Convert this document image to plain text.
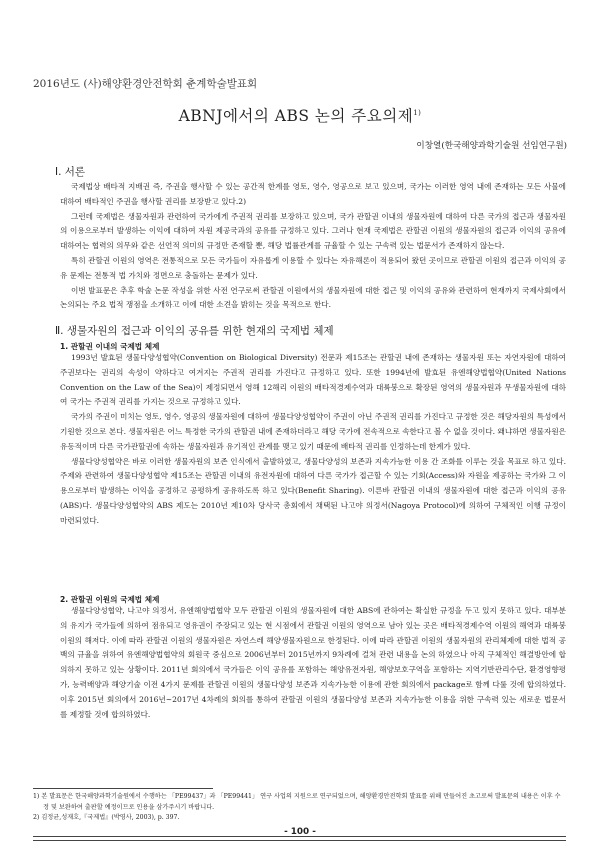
2016년도 (사)해양환경안전학회 춘계학술발표회
ABNJ에서의 ABS 논의 주요의제$^{1)}$
이창열(한국해양과학기술원 선임연구원)
Ⅰ. 서론

국제법상 배타적 지배권 즉, 주권을 행사할 수 있는 공간적 한계를 영토, 영수, 영공으로 보고 있으며, 국가는 이러한 영역 내에 존재하는 모든 사물에 대하여 배타적인 주권을 행사할 권리를 보장받고 있다.2)

그런데 국제법은 생물자원과 관련하여 국가에게 주권적 권리를 보장하고 있으며, 국가 관할권 이내의 생물자원에 대하여 다른 국가의 접근과 생물자원의 이용으로부터 발생하는 이익에 대하여 자원 제공국과의 공유를 규정하고 있다. 그러나 현재 국제법은 관할권 이원의 생물자원의 접근과 이익의 공유에 대하여는 협력의 의무와 같은 선언적 의미의 규정만 존재할 뿐, 해당 법률관계를 규율할 수 있는 구속력 있는 법문서가 존재하지 않는다.

특히 관할권 이원의 영역은 전통적으로 모든 국가들이 자유롭게 이용할 수 있다는 자유해론이 적용되어 왔던 곳이므로 관할권 이원의 접근과 이익의 공유 문제는 전통적 법 가치와 정면으로 충돌하는 문제가 있다.

이번 발표문은 추후 학술 논문 작성을 위한 사전 연구로써 관할권 이원에서의 생물자원에 대한 접근 및 이익의 공유와 관련하여 현재까지 국제사회에서 논의되는 주요 법적 쟁점을 소개하고 이에 대한 소견을 밝히는 것을 목적으로 한다.

Ⅱ. 생물자원의 접근과 이익의 공유를 위한 현재의 국제법 체제
1. 관할권 이내의 국제법 체제

1993년 발효된 생물다양성협약(Convention on Biological Diversity) 전문과 제15조는 관할권 내에 존재하는 생물자원 또는 자연자원에 대하여 주권보다는 권리의 속성이 약하다고 여겨지는 주권적 권리를 가진다고 규정하고 있다. 또한 1994년에 발효된 유엔해양법협약(United Nations Convention on the Law of the Sea)이 제정되면서 영해 12해리 이원의 배타적경제수역과 대륙붕으로 확장된 영역의 생물자원과 무생물자원에 대하여 국가는 주권적 권리를 가지는 것으로 규정하고 있다.

국가의 주권이 미치는 영토, 영수, 영공의 생물자원에 대하여 생물다양성협약이 주권이 아닌 주권적 권리를 가진다고 규정한 것은 해당자원의 특성에서 기원한 것으로 본다. 생물자원은 어느 특정한 국가의 관할권 내에 존재하더라고 해당 국가에 전속적으로 속한다고 볼 수 없을 것이다. 왜냐하면 생물자원은 유동적이며 다른 국가관할권에 속하는 생물자원과 유기적인 관계를 맺고 있기 때문에 배타적 권리를 인정하는데 한계가 있다.

생물다양성협약은 바로 이러한 생물자원의 보존 인식에서 출발하였고, 생물다양성의 보존과 지속가능한 이용 간 조화를 이루는 것을 목표로 하고 있다. 주제와 관련하여 생물다양성협약 제15조는 관할권 이내의 유전자원에 대하여 다른 국가가 접근할 수 있는 기회(Access)와 자원을 제공하는 국가와 그 이용으로부터 발생하는 이익을 공정하고 공평하게 공유하도록 하고 있다(Benefit Sharing). 이른바 관할권 이내의 생물자원에 대한 접근과 이익의 공유(ABS)다. 생물다양성협약의 ABS 제도는 2010년 제10차 당사국 총회에서 채택된 나고야 의정서(Nagoya Protocol)에 의하여 구체적인 이행 규정이 마련되었다.

2. 관할권 이원의 국제법 체제

생물다양성협약, 나고야 의정서, 유엔해양법협약 모두 관할권 이원의 생물자원에 대한 ABS에 관하여는 확실한 규정을 두고 있지 못하고 있다. 대부분의 유지가 국가들에 의하여 점유되고 영유권이 주장되고 있는 현 시점에서 관할권 이원의 영역으로 남아 있는 곳은 배타적경제수역 이원의 해역과 대륙붕 이원의 해저다. 이에 따라 관할권 이원의 생물자원은 자연스레 해양생물자원으로 한정된다. 이에 따라 관할권 이원의 생물자원의 관리체제에 대한 법적 공백의 규율을 위하여 유엔해양법협약의 회원국 중심으로 2006년부터 2015년까지 9차례에 걸쳐 관련 내용을 논의 하였으나 아직 구체적인 해결방안에 합의하지 못하고 있는 상황이다. 2011년 회의에서 국가들은 이익 공유를 포함하는 해양유전자원, 해양보호구역을 포함하는 지역기반관리수단, 환경영향평가, 능력배양과 해양기술 이전 4가지 문제를 관할권 이원의 생물다양성 보존과 지속가능한 이용에 관한 회의에서 package로 함께 다룰 것에 합의하였다. 이후 2015년 회의에서 2016년~2017년 4차례의 회의를 통하여 관할권 이원의 생물다양성 보존과 지속가능한 이용을 위한 구속력 있는 새로운 법문서를 제정할 것에 합의하였다.

1) 본 발표문은 한국해양과학기술원에서 수행하는 「PE99437」과 「PE99441」 연구 사업의 지원으로 연구되었으며, 해양환경안전학회 발표를 위해 만들어진 초고로써 발표문의 내용은 이후 수정 및 보완하여 출판할 예정이므로 인용을 삼가주시기 바랍니다.
2) 김정균,성재호,『국제법』(박영사, 2003), p. 397.
- 100 -
